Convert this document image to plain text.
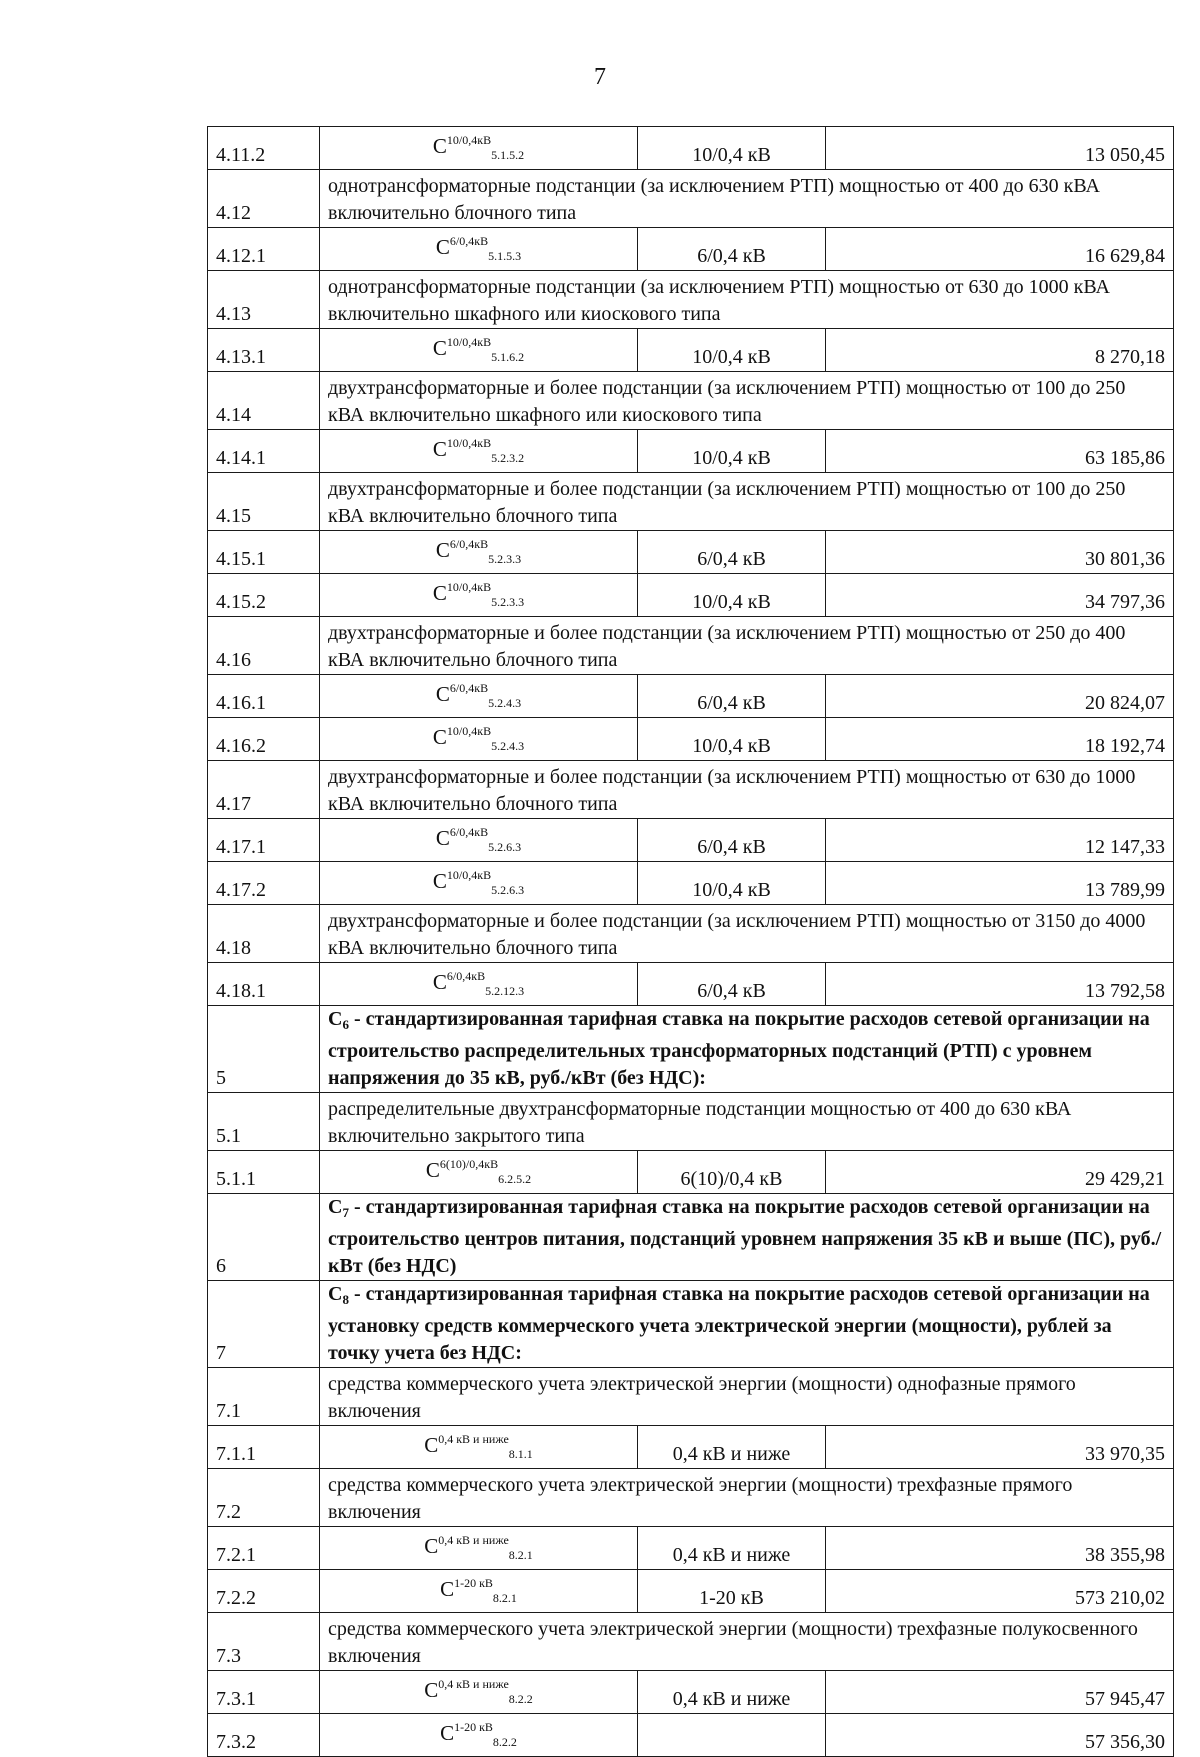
7
4.11.2	$С^{10/0,4кВ}_{5.1.5.2}$	10/0,4 кВ	13 050,45
4.12	однотрансформаторные подстанции (за исключением РТП) мощностью от 400 до 630 кВА включительно блочного типа		
4.12.1	$С^{6/0,4кВ}_{5.1.5.3}$	6/0,4 кВ	16 629,84
4.13	однотрансформаторные подстанции (за исключением РТП) мощностью от 630 до 1000 кВА включительно шкафного или киоскового типа		
4.13.1	$С^{10/0,4кВ}_{5.1.6.2}$	10/0,4 кВ	8 270,18
4.14	двухтрансформаторные и более подстанции (за исключением РТП) мощностью от 100 до 250 кВА включительно шкафного или киоскового типа		
4.14.1	$С^{10/0,4кВ}_{5.2.3.2}$	10/0,4 кВ	63 185,86
4.15	двухтрансформаторные и более подстанции (за исключением РТП) мощностью от 100 до 250 кВА включительно блочного типа		
4.15.1	$С^{6/0,4кВ}_{5.2.3.3}$	6/0,4 кВ	30 801,36
4.15.2	$С^{10/0,4кВ}_{5.2.3.3}$	10/0,4 кВ	34 797,36
4.16	двухтрансформаторные и более подстанции (за исключением РТП) мощностью от 250 до 400 кВА включительно блочного типа		
4.16.1	$С^{6/0,4кВ}_{5.2.4.3}$	6/0,4 кВ	20 824,07
4.16.2	$С^{10/0,4кВ}_{5.2.4.3}$	10/0,4 кВ	18 192,74
4.17	двухтрансформаторные и более подстанции (за исключением РТП) мощностью от 630 до 1000 кВА включительно блочного типа		
4.17.1	$С^{6/0,4кВ}_{5.2.6.3}$	6/0,4 кВ	12 147,33
4.17.2	$С^{10/0,4кВ}_{5.2.6.3}$	10/0,4 кВ	13 789,99
4.18	двухтрансформаторные и более подстанции (за исключением РТП) мощностью от 3150 до 4000 кВА включительно блочного типа		
4.18.1	$С^{6/0,4кВ}_{5.2.12.3}$	6/0,4 кВ	13 792,58
5	$С_6$ - стандартизированная тарифная ставка на покрытие расходов сетевой организации на строительство распределительных трансформаторных подстанций (РТП) с уровнем напряжения до 35 кВ, руб./кВт (без НДС):		
5.1	распределительные двухтрансформаторные подстанции мощностью от 400 до 630 кВА включительно закрытого типа		
5.1.1	$С^{6(10)/0,4кВ}_{6.2.5.2}$	6(10)/0,4 кВ	29 429,21
6	$С_7$ - стандартизированная тарифная ставка на покрытие расходов сетевой организации на строительство центров питания, подстанций уровнем напряжения 35 кВ и выше (ПС), руб./кВт (без НДС)		
7	$С_8$ - стандартизированная тарифная ставка на покрытие расходов сетевой организации на установку средств коммерческого учета электрической энергии (мощности), рублей за точку учета без НДС:		
7.1	средства коммерческого учета электрической энергии (мощности) однофазные прямого включения		
7.1.1	$С^{0,4 кВ и ниже}_{8.1.1}$	0,4 кВ и ниже	33 970,35
7.2	средства коммерческого учета электрической энергии (мощности) трехфазные прямого включения		
7.2.1	$С^{0,4 кВ и ниже}_{8.2.1}$	0,4 кВ и ниже	38 355,98
7.2.2	$С^{1-20 кВ}_{8.2.1}$	1-20 кВ	573 210,02
7.3	средства коммерческого учета электрической энергии (мощности) трехфазные полукосвенного включения		
7.3.1	$С^{0,4 кВ и ниже}_{8.2.2}$	0,4 кВ и ниже	57 945,47
7.3.2	$С^{1-20 кВ}_{8.2.2}$		57 356,30
